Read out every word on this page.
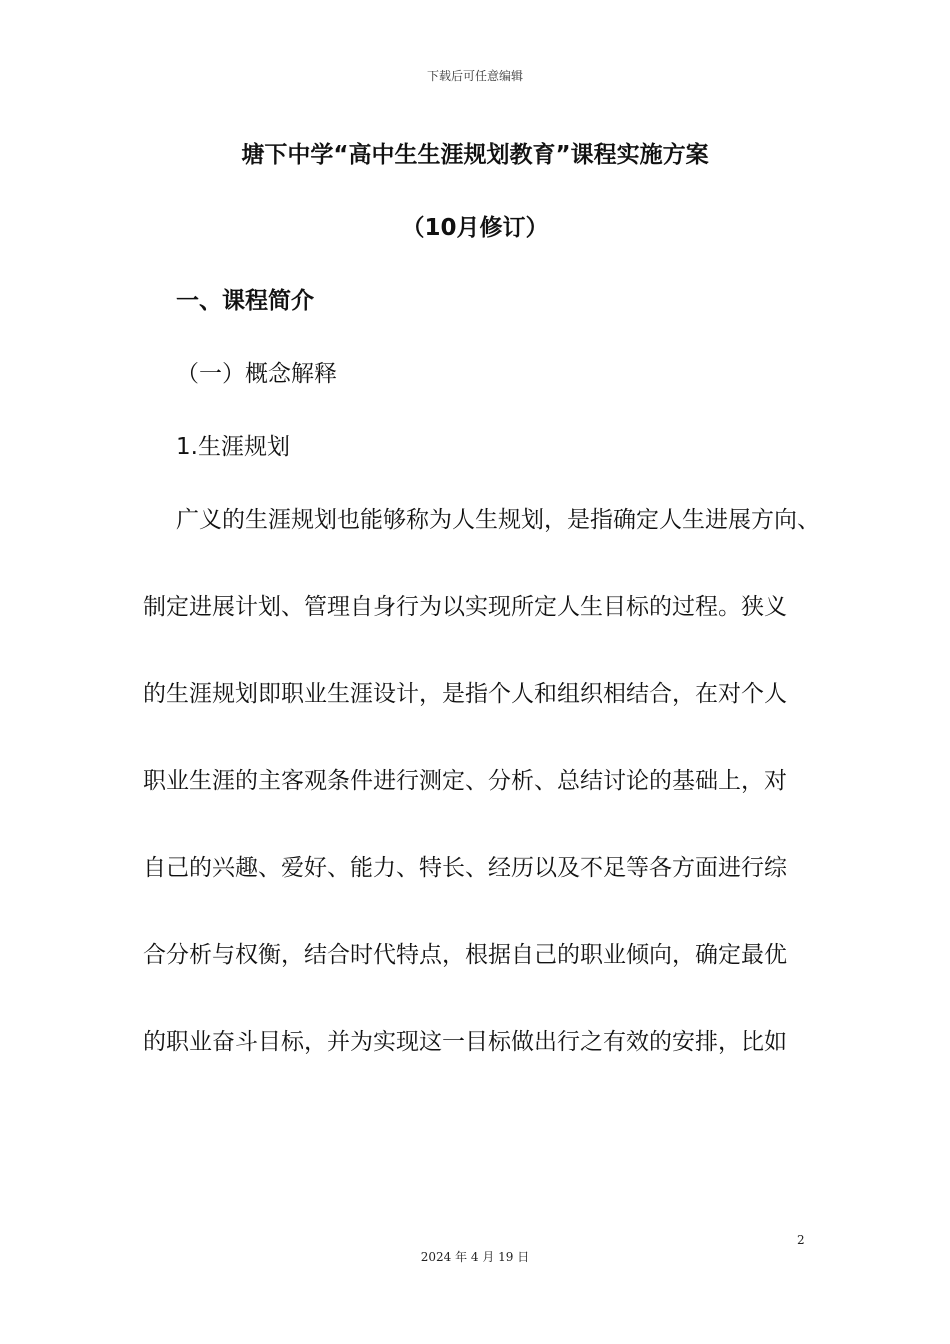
下载后可任意编辑
塘下中学“高中生生涯规划教育”课程实施方案
（10月修订）
一、课程简介
（一）概念解释
1.生涯规划
广义的生涯规划也能够称为人生规划，是指确定人生进展方向、
制定进展计划、管理自身行为以实现所定人生目标的过程。狭义
的生涯规划即职业生涯设计，是指个人和组织相结合，在对个人
职业生涯的主客观条件进行测定、分析、总结讨论的基础上，对
自己的兴趣、爱好、能力、特长、经历以及不足等各方面进行综
合分析与权衡，结合时代特点，根据自己的职业倾向，确定最优
的职业奋斗目标，并为实现这一目标做出行之有效的安排，比如
2
2024 年 4 月 19 日
